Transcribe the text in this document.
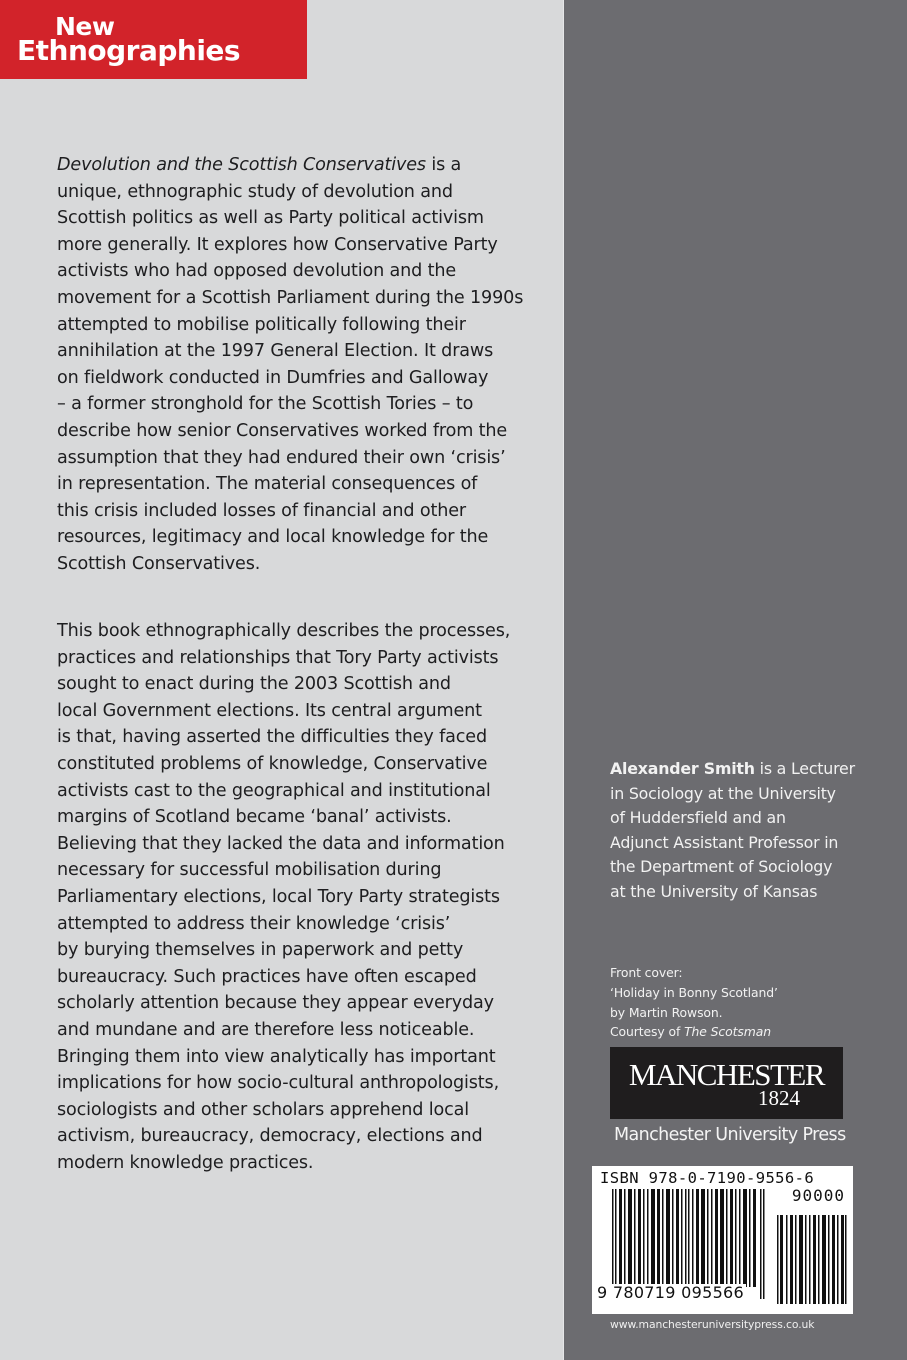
New
Ethnographies
Devolution and the Scottish Conservatives is a
unique, ethnographic study of devolution and
Scottish politics as well as Party political activism
more generally. It explores how Conservative Party
activists who had opposed devolution and the
movement for a Scottish Parliament during the 1990s
attempted to mobilise politically following their
annihilation at the 1997 General Election. It draws
on fieldwork conducted in Dumfries and Galloway
– a former stronghold for the Scottish Tories – to
describe how senior Conservatives worked from the
assumption that they had endured their own ‘crisis’
in representation. The material consequences of
this crisis included losses of financial and other
resources, legitimacy and local knowledge for the
Scottish Conservatives.
This book ethnographically describes the processes,
practices and relationships that Tory Party activists
sought to enact during the 2003 Scottish and
local Government elections. Its central argument
is that, having asserted the difficulties they faced
constituted problems of knowledge, Conservative
activists cast to the geographical and institutional
margins of Scotland became ‘banal’ activists.
Believing that they lacked the data and information
necessary for successful mobilisation during
Parliamentary elections, local Tory Party strategists
attempted to address their knowledge ‘crisis’
by burying themselves in paperwork and petty
bureaucracy. Such practices have often escaped
scholarly attention because they appear everyday
and mundane and are therefore less noticeable.
Bringing them into view analytically has important
implications for how socio-cultural anthropologists,
sociologists and other scholars apprehend local
activism, bureaucracy, democracy, elections and
modern knowledge practices.
Alexander Smith is a Lecturer
in Sociology at the University
of Huddersfield and an
Adjunct Assistant Professor in
the Department of Sociology
at the University of Kansas
Front cover:
‘Holiday in Bonny Scotland’
by Martin Rowson.
Courtesy of The Scotsman
MANCHESTER
1824
Manchester University Press
ISBN 978-0-7190-9556-6
90000
9 780719 095566
www.manchesteruniversitypress.co.uk
